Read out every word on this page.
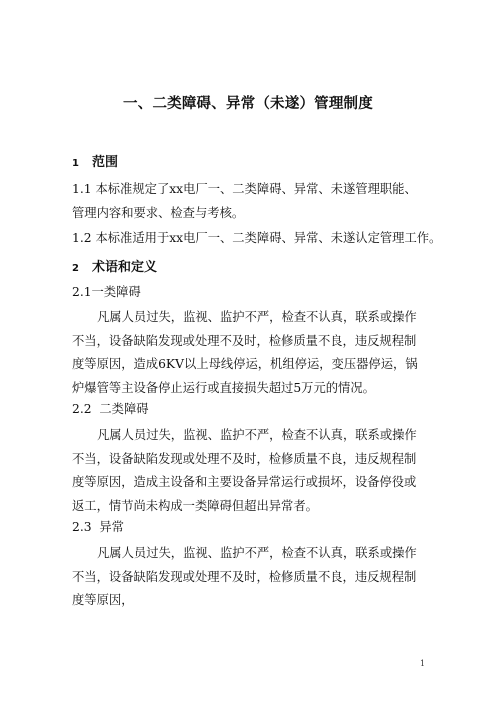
一、二类障碍、异常（未遂）管理制度
1 范围
1.1 本标准规定了xx电厂一、二类障碍、异常、未遂管理职能、管理内容和要求、检查与考核。
1.2 本标准适用于xx电厂一、二类障碍、异常、未遂认定管理工作。
2 术语和定义
2.1一类障碍
凡属人员过失，监视、监护不严，检查不认真，联系或操作不当，设备缺陷发现或处理不及时，检修质量不良，违反规程制度等原因，造成6KV以上母线停运，机组停运，变压器停运，锅炉爆管等主设备停止运行或直接损失超过5万元的情况。
2.2  二类障碍
凡属人员过失，监视、监护不严，检查不认真，联系或操作不当，设备缺陷发现或处理不及时，检修质量不良，违反规程制度等原因，造成主设备和主要设备异常运行或损坏，设备停役或返工，情节尚未构成一类障碍但超出异常者。
2.3  异常
凡属人员过失，监视、监护不严，检查不认真，联系或操作不当，设备缺陷发现或处理不及时，检修质量不良，违反规程制度等原因，
1
